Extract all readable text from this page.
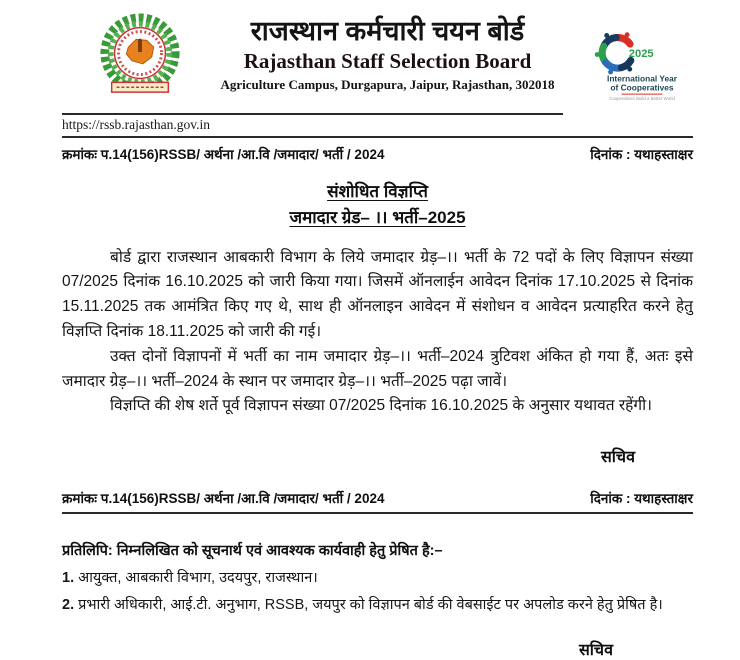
राजस्थान कर्मचारी चयन बोर्ड
Rajasthan Staff Selection Board
Agriculture Campus, Durgapura, Jaipur, Rajasthan, 302018
2025
International Year
of Cooperatives
Cooperatives Build a Better World
https://rssb.rajasthan.gov.in
क्रमांकः प.14(156)RSSB/ अर्थना /आ.वि /जमादार/ भर्ती / 2024	दिनांक : यथाहस्ताक्षर
संशोधित विज्ञप्ति
जमादार ग्रेड– ।। भर्ती–2025

बोर्ड द्वारा राजस्थान आबकारी विभाग के लिये जमादार ग्रेड़–।। भर्ती के 72 पदों के लिए विज्ञापन संख्या 07/2025 दिनांक 16.10.2025 को जारी किया गया। जिसमें ऑनलाईन आवेदन दिनांक 17.10.2025 से दिनांक 15.11.2025 तक आमंत्रित किए गए थे, साथ ही ऑनलाइन आवेदन में संशोधन व आवेदन प्रत्याहरित करने हेतु विज्ञप्ति दिनांक 18.11.2025 को जारी की गई।

उक्त दोनों विज्ञापनों में भर्ती का नाम जमादार ग्रेड़–।। भर्ती–2024 त्रुटिवश अंकित हो गया हैं, अतः इसे जमादार ग्रेड़–।। भर्ती–2024 के स्थान पर जमादार ग्रेड़–।। भर्ती–2025 पढ़ा जावें।

विज्ञप्ति की शेष शर्ते पूर्व विज्ञापन संख्या 07/2025 दिनांक 16.10.2025 के अनुसार यथावत रहेंगी।

सचिव
क्रमांकः प.14(156)RSSB/ अर्थना /आ.वि /जमादार/ भर्ती / 2024	दिनांक : यथाहस्ताक्षर
प्रतिलिपि: निम्नलिखित को सूचनार्थ एवं आवश्यक कार्यवाही हेतु प्रेषित है:–
1. आयुक्त, आबकारी विभाग, उदयपुर, राजस्थान।
2. प्रभारी अधिकारी, आई.टी. अनुभाग, RSSB, जयपुर को विज्ञापन बोर्ड की वेबसाईट पर अपलोड करने हेतु प्रेषित है।
सचिव
